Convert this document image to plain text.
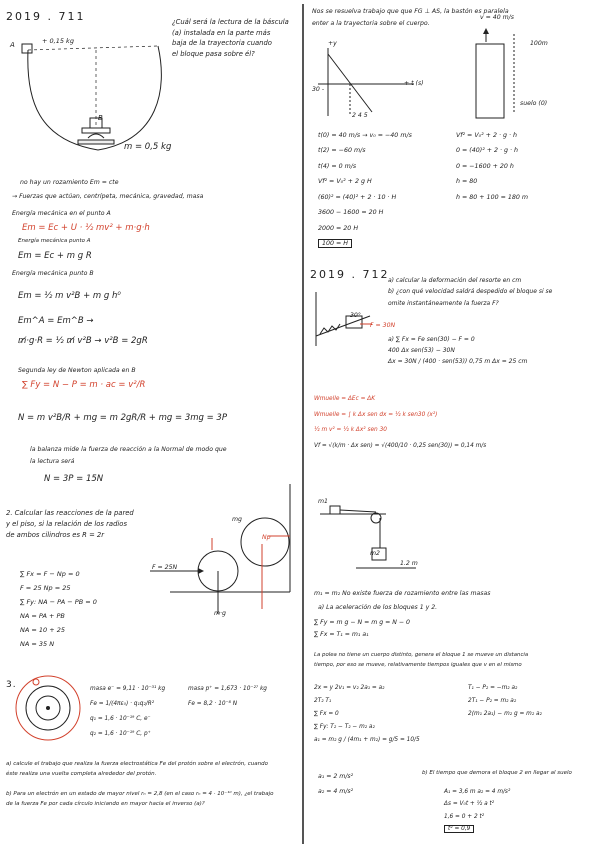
2019 . 711	¿Cuál será la lectura de la báscula
(a) instalada en la parte más
baja de la trayectoria cuando
el bloque pasa sobre él?
A	+ 0,15 kg
B
m = 0,5 kg
no hay un rozamiento Em = cte
→ Fuerzas que actúan, centrípeta, mecánica, gravedad, masa
Energía mecánica en el punto A
Em = Ec + U · ½ mv² + m·g·h
Energía mecánica punto A
Em = Ec + m g R
Energía mecánica punto B
Em = ½ m v²B + m g h⁰
Em^A = Em^B →
m̸·g·R = ½ m̸ v²B → v²B = 2gR
Segunda ley de Newton aplicada en B
∑ Fy = N − P = m · ac = v²/R
N = m v²B/R + mg = m 2gR/R + mg = 3mg = 3P
la balanza mide la fuerza de reacción a la Normal de modo que
la lectura será
N = 3P = 15N
2. Calcular las reacciones de la pared
y el piso, si la relación de los radios
de ambos cilindros es R = 2r
F = 25N
mg
m·g
Np
∑ Fx = F − Np = 0
F = 25 Np = 25
∑ Fy: NA − PA − PB = 0
NA = PA + PB
NA = 10 + 25
NA = 35 N
3.	masa e⁻ = 9,11 · 10⁻³¹ kg
Fe = 1/(4πε₀) · q₁q₂/R²
q₁ = 1,6 · 10⁻¹⁹ C, e⁻
q₂ = 1,6 · 10⁻¹⁹ C, p⁺
masa p⁺ = 1,673 · 10⁻²⁷ kg
Fe = 8,2 · 10⁻⁸ N
a) calcule el trabajo que realiza la fuerza electrostática Fe del protón sobre el electrón, cuando
éste realiza una vuelta completa alrededor del protón.
b) Para un electrón en un estado de mayor nivel rₙ = 2,8 (en el caso rₙ = 4 · 10⁻¹⁰ m), ¿el trabajo
de la fuerza Fe por cada círculo iniciando en mayor hacia el inverso (a)?
Nos se resuelva trabajo que que FG ⊥ AS, la bastón es paralela
enter a la trayectoria sobre el cuerpo.
+y
+ t (s)
30 -
2 4 5
t(0) = 40 m/s → v₀ = −40 m/s
t(2) = −60 m/s
t(4) = 0 m/s
Vf² = V₀² + 2 g H
(60)² = (40)² + 2 · 10 · H
3600 − 1600 = 20 H
2000 = 20 H
100 = H
v = 40 m/s
100m
suelo (0)
Vf² = V₀² + 2 · g · h
0 = (40)² + 2 · g · h
0 = −1600 + 20 h
h = 80
h = 80 + 100 = 180 m
2019 . 712
a) calcular la deformación del resorte en cm
b) ¿con qué velocidad saldrá despedido el bloque si se
omite instantáneamente la fuerza F?
F = 30N
30°
a) ∑ Fx = Fe sen(30) − F = 0
400 Δx sen(53) − 30N
Δx = 30N / (400 · sen(53)) 0,75 m Δx = 25 cm
Wmuelle = ΔEc = ΔK
Wmuelle = ∫ k Δx sen dx = ½ k sen30 (x²)
½ m v² = ½ k Δx² sen 30
Vf = √(k/m · Δx sen) = √(400/10 · 0,25 sen(30)) = 0,14 m/s
m1
m2
1.2 m
m₁ = m₂ No existe fuerza de rozamiento entre las masas
a) La aceleración de los bloques 1 y 2.
∑ Fy = m g − N = m g = N − 0
∑ Fx = T₁ = m₁ a₁
La polea no tiene un cuerpo distinto, genera el bloque 1 se mueve un distancia
tiempo, por eso se mueve, relativamente tiempos iguales que v en el mismo
2x = y 2v₁ = v₂ 2a₁ = a₂
2T₂ T₁
∑ Fx = 0
∑ Fy: T₂ − T₂ − m₂ a₂
a₁ = m₂ g / (4m₁ + m₂) = g/5 = 10/5
T₁ − P₂ = −m₂ a₂
2T₁ − P₂ = m₂ a₂
2(m₁ 2a₁) − m₂ g = m₂ a₂
a₁ = 2 m/s²
a₂ = 4 m/s²
b) El tiempo que demora el bloque 2 en llegar al suelo
A₁ = 3,6 m a₂ = 4 m/s²
Δs = V₀t + ½ a t²
1,6 = 0 + 2 t²
t² = 0,9
